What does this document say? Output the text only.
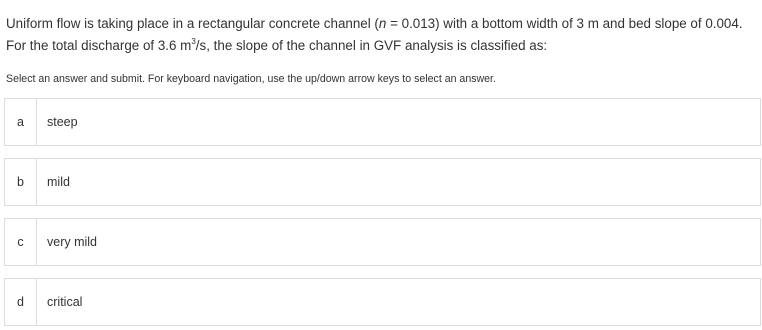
Uniform flow is taking place in a rectangular concrete channel (n = 0.013) with a bottom width of 3 m and bed slope of 0.004. For the total discharge of 3.6 $m^3/s$, the slope of the channel in GVF analysis is classified as:
Select an answer and submit. For keyboard navigation, use the up/down arrow keys to select an answer.
a	steep
b	mild
c	very mild
d	critical
